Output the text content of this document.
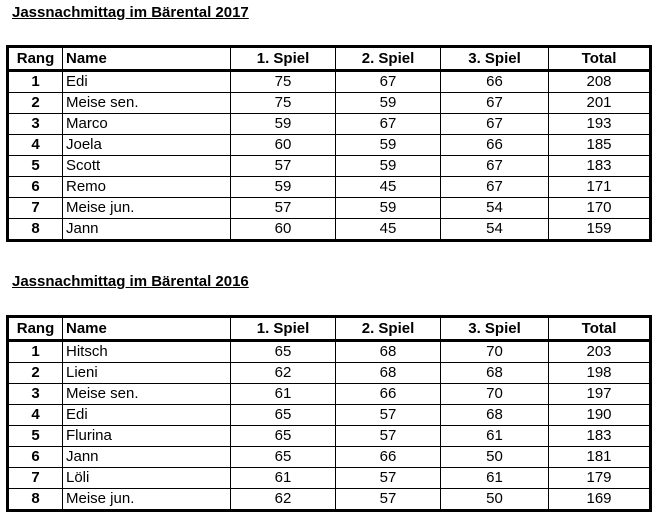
Jassnachmittag im Bärental 2017
Rang	Name	1. Spiel	2. Spiel	3. Spiel	Total
1	Edi	75	67	66	208
2	Meise sen.	75	59	67	201
3	Marco	59	67	67	193
4	Joela	60	59	66	185
5	Scott	57	59	67	183
6	Remo	59	45	67	171
7	Meise jun.	57	59	54	170
8	Jann	60	45	54	159
Jassnachmittag im Bärental 2016
Rang	Name	1. Spiel	2. Spiel	3. Spiel	Total
1	Hitsch	65	68	70	203
2	Lieni	62	68	68	198
3	Meise sen.	61	66	70	197
4	Edi	65	57	68	190
5	Flurina	65	57	61	183
6	Jann	65	66	50	181
7	Löli	61	57	61	179
8	Meise jun.	62	57	50	169
